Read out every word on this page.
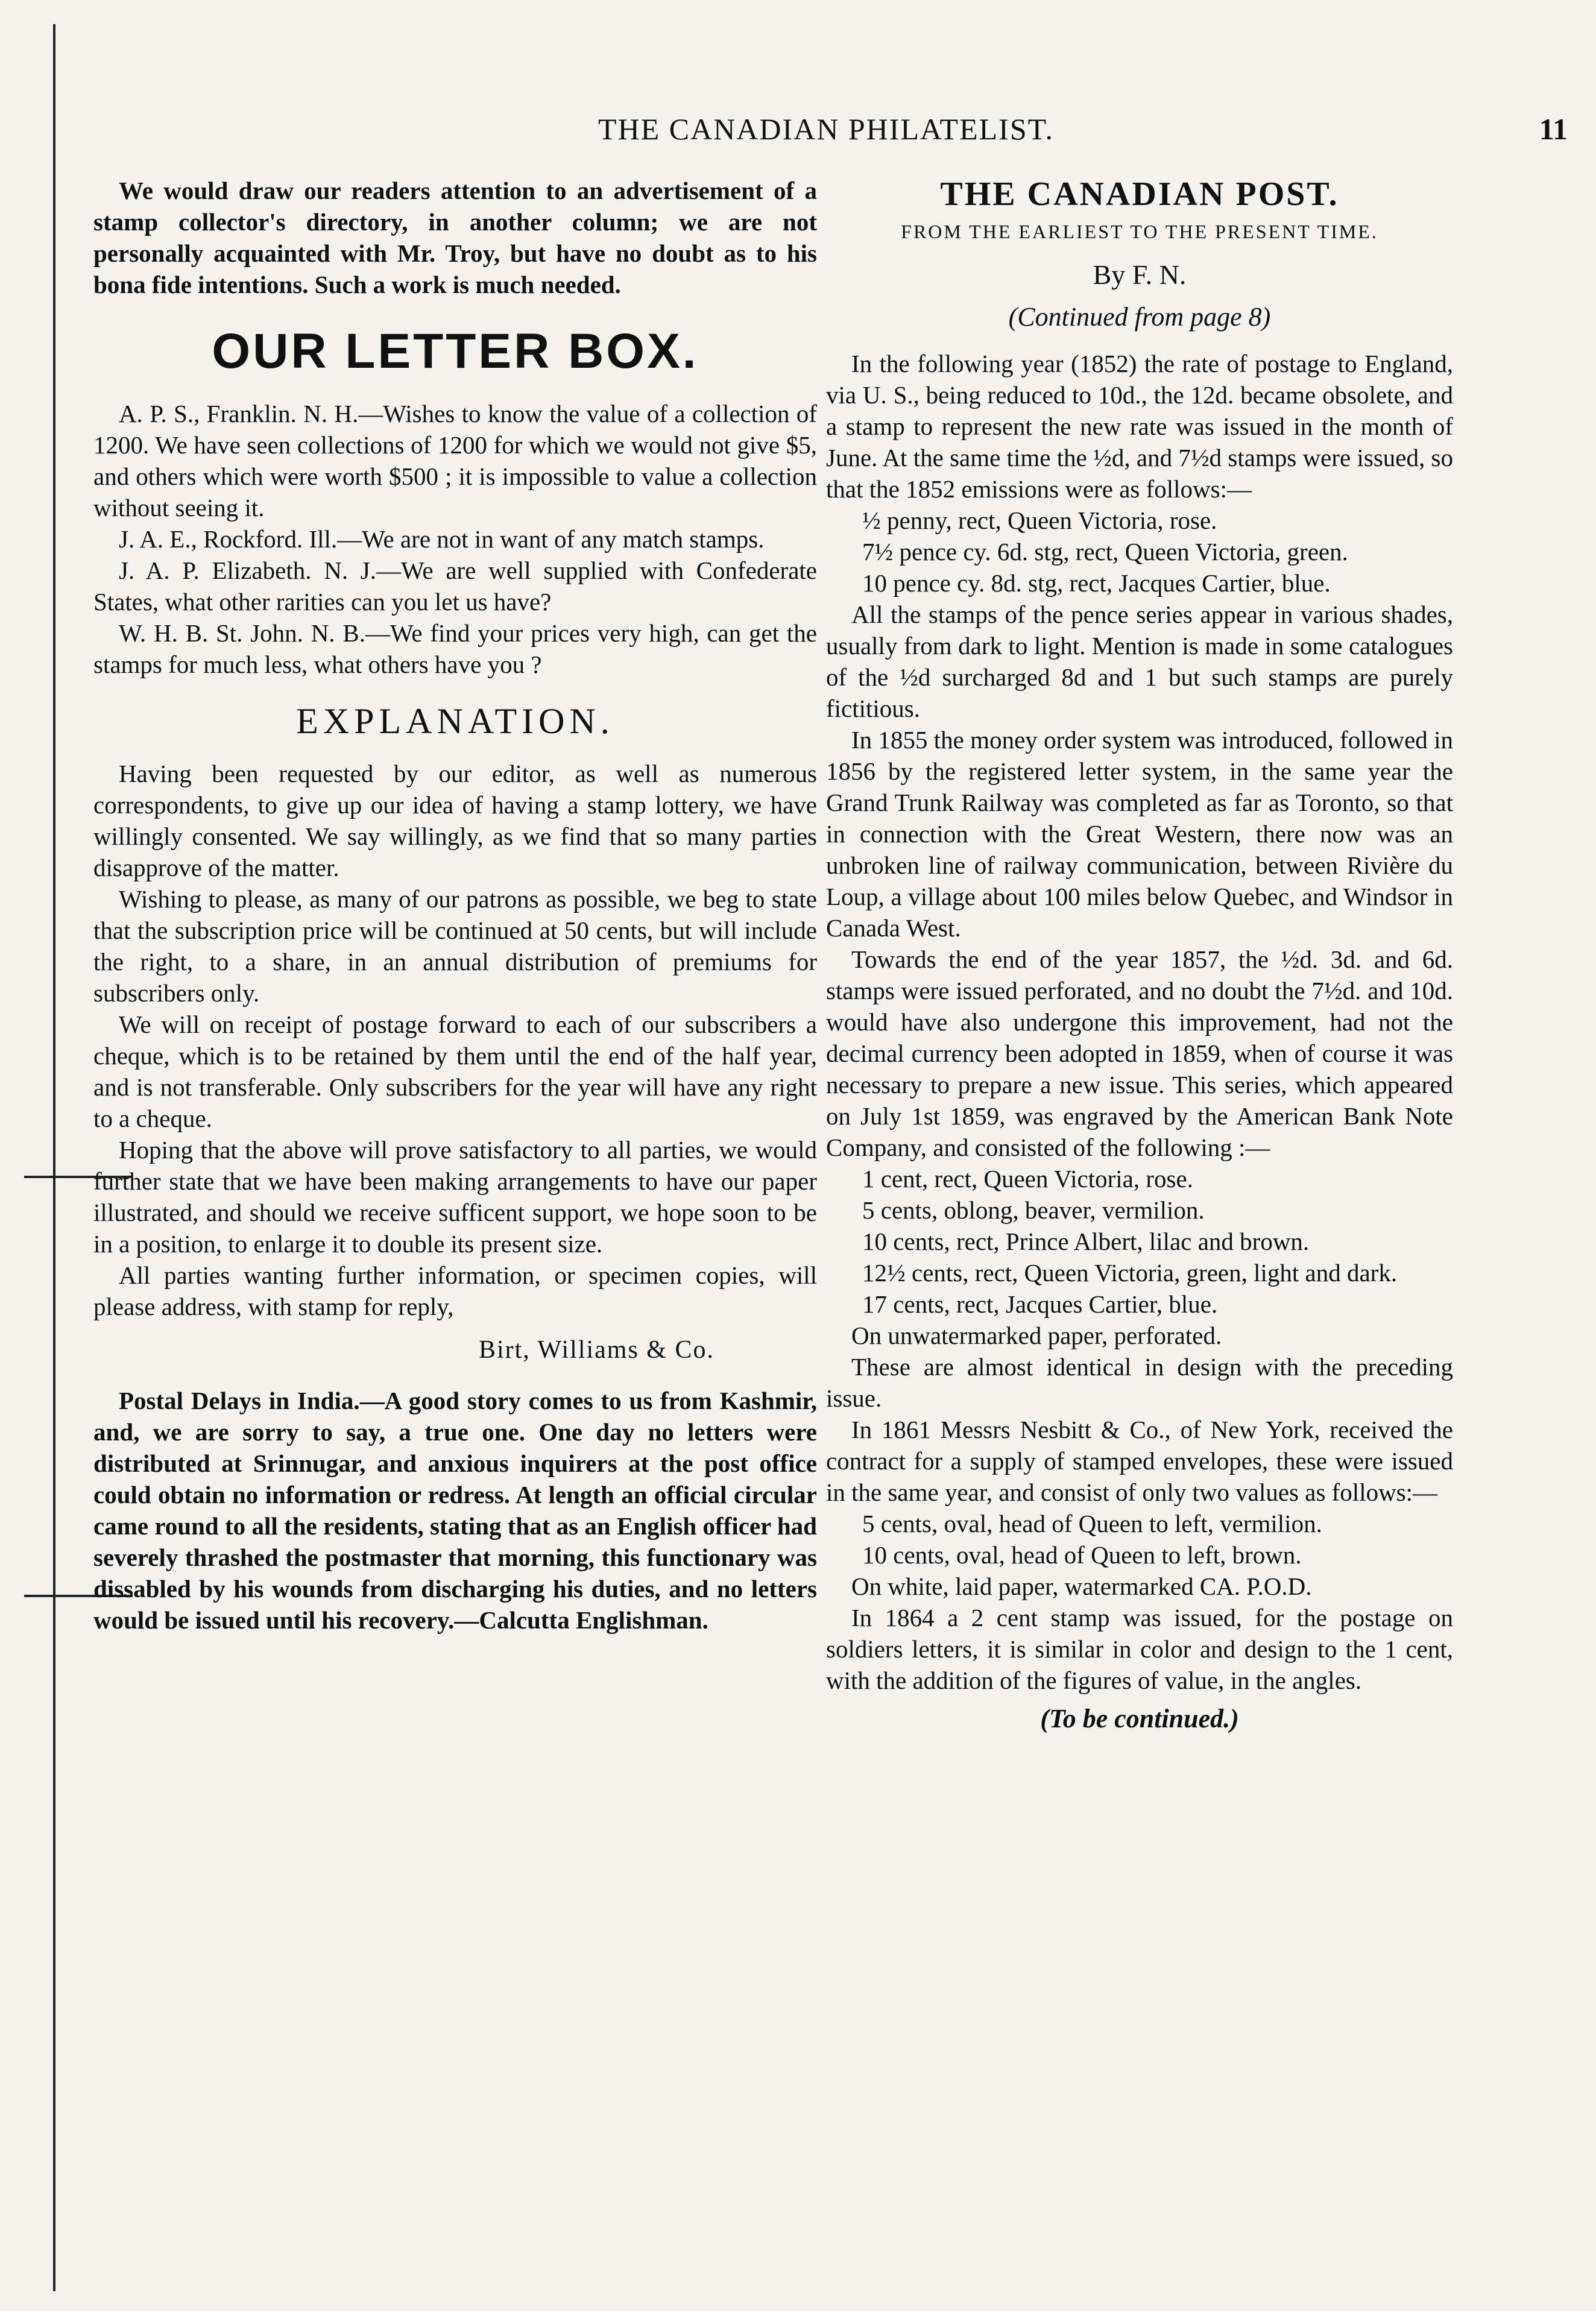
THE CANADIAN PHILATELIST.	11

We would draw our readers attention to an advertisement of a stamp collector's directory, in another column; we are not personally acquainted with Mr. Troy, but have no doubt as to his bona fide intentions. Such a work is much needed.

OUR LETTER BOX.

A. P. S., Franklin. N. H.—Wishes to know the value of a collection of 1200. We have seen collections of 1200 for which we would not give $5, and others which were worth $500 ; it is impossible to value a collection without seeing it.

J. A. E., Rockford. Ill.—We are not in want of any match stamps.

J. A. P. Elizabeth. N. J.—We are well supplied with Confederate States, what other rarities can you let us have?

W. H. B. St. John. N. B.—We find your prices very high, can get the stamps for much less, what others have you ?

EXPLANATION.

Having been requested by our editor, as well as numerous correspondents, to give up our idea of having a stamp lottery, we have willingly consented. We say willingly, as we find that so many parties disapprove of the matter.

Wishing to please, as many of our patrons as possible, we beg to state that the subscription price will be continued at 50 cents, but will include the right, to a share, in an annual distribution of premiums for subscribers only.

We will on receipt of postage forward to each of our subscribers a cheque, which is to be retained by them until the end of the half year, and is not transferable. Only subscribers for the year will have any right to a cheque.

Hoping that the above will prove satisfactory to all parties, we would further state that we have been making arrangements to have our paper illustrated, and should we receive sufficent support, we hope soon to be in a position, to enlarge it to double its present size.

All parties wanting further information, or specimen copies, will please address, with stamp for reply,

Birt, Williams & Co.

Postal Delays in India.—A good story comes to us from Kashmir, and, we are sorry to say, a true one. One day no letters were distributed at Srinnugar, and anxious inquirers at the post office could obtain no information or redress. At length an official circular came round to all the residents, stating that as an English officer had severely thrashed the postmaster that morning, this functionary was dissabled by his wounds from discharging his duties, and no letters would be issued until his recovery.—Calcutta Englishman.

THE CANADIAN POST.
FROM THE EARLIEST TO THE PRESENT TIME.
By F. N.
(Continued from page 8)

In the following year (1852) the rate of postage to England, via U. S., being reduced to 10d., the 12d. became obsolete, and a stamp to represent the new rate was issued in the month of June. At the same time the ½d, and 7½d stamps were issued, so that the 1852 emissions were as follows:—

½ penny, rect, Queen Victoria, rose.

7½ pence cy. 6d. stg, rect, Queen Victoria, green.

10 pence cy. 8d. stg, rect, Jacques Cartier, blue.

All the stamps of the pence series appear in various shades, usually from dark to light. Mention is made in some catalogues of the ½d surcharged 8d and 1 but such stamps are purely fictitious.

In 1855 the money order system was introduced, followed in 1856 by the registered letter system, in the same year the Grand Trunk Railway was completed as far as Toronto, so that in connection with the Great Western, there now was an unbroken line of railway communication, between Rivière du Loup, a village about 100 miles below Quebec, and Windsor in Canada West.

Towards the end of the year 1857, the ½d. 3d. and 6d. stamps were issued perforated, and no doubt the 7½d. and 10d. would have also undergone this improvement, had not the decimal currency been adopted in 1859, when of course it was necessary to prepare a new issue. This series, which appeared on July 1st 1859, was engraved by the American Bank Note Company, and consisted of the following :—

1 cent, rect, Queen Victoria, rose.

5 cents, oblong, beaver, vermilion.

10 cents, rect, Prince Albert, lilac and brown.

12½ cents, rect, Queen Victoria, green, light and dark.

17 cents, rect, Jacques Cartier, blue.

On unwatermarked paper, perforated.

These are almost identical in design with the preceding issue.

In 1861 Messrs Nesbitt & Co., of New York, received the contract for a supply of stamped envelopes, these were issued in the same year, and consist of only two values as follows:—

5 cents, oval, head of Queen to left, vermilion.

10 cents, oval, head of Queen to left, brown.

On white, laid paper, watermarked CA. P.O.D.

In 1864 a 2 cent stamp was issued, for the postage on soldiers letters, it is similar in color and design to the 1 cent, with the addition of the figures of value, in the angles.

(To be continued.)
